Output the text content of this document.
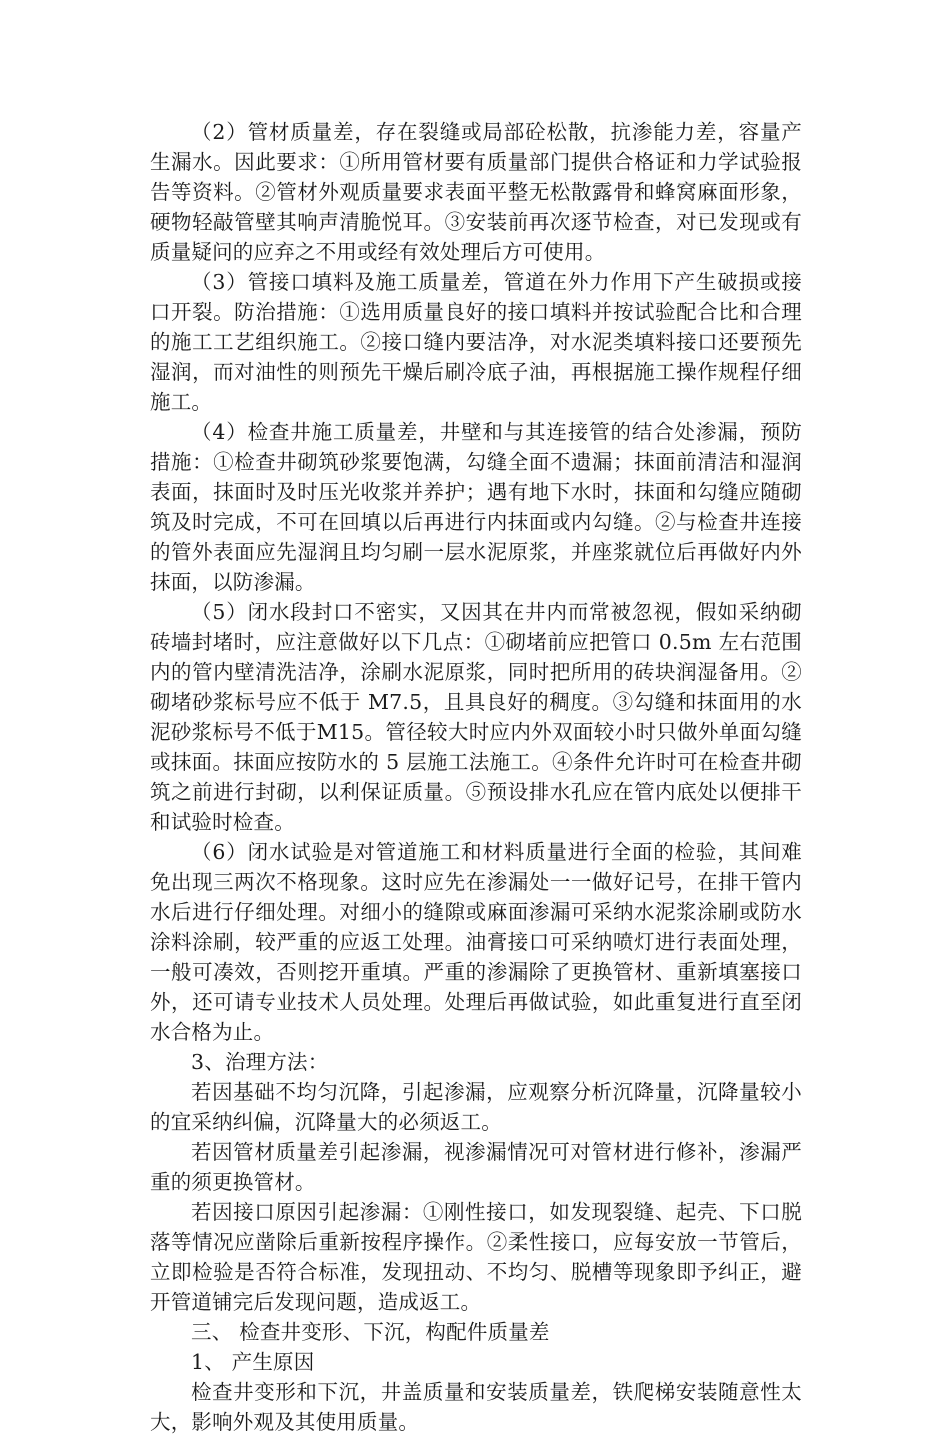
（2）管材质量差，存在裂缝或局部砼松散，抗渗能力差，容量产生漏水。因此要求：①所用管材要有质量部门提供合格证和力学试验报告等资料。②管材外观质量要求表面平整无松散露骨和蜂窝麻面形象，硬物轻敲管壁其响声清脆悦耳。③安装前再次逐节检查，对已发现或有质量疑问的应弃之不用或经有效处理后方可使用。

（3）管接口填料及施工质量差，管道在外力作用下产生破损或接口开裂。防治措施：①选用质量良好的接口填料并按试验配合比和合理的施工工艺组织施工。②接口缝内要洁净，对水泥类填料接口还要预先湿润，而对油性的则预先干燥后刷冷底子油，再根据施工操作规程仔细施工。

（4）检查井施工质量差，井壁和与其连接管的结合处渗漏，预防措施：①检查井砌筑砂浆要饱满，勾缝全面不遗漏；抹面前清洁和湿润表面，抹面时及时压光收浆并养护；遇有地下水时，抹面和勾缝应随砌筑及时完成，不可在回填以后再进行内抹面或内勾缝。②与检查井连接的管外表面应先湿润且均匀刷一层水泥原浆，并座浆就位后再做好内外抹面，以防渗漏。

（5）闭水段封口不密实，又因其在井内而常被忽视，假如采纳砌砖墙封堵时，应注意做好以下几点：①砌堵前应把管口 0.5m 左右范围内的管内壁清洗洁净，涂刷水泥原浆，同时把所用的砖块润湿备用。②砌堵砂浆标号应不低于 M7.5，且具良好的稠度。③勾缝和抹面用的水泥砂浆标号不低于M15。管径较大时应内外双面较小时只做外单面勾缝或抹面。抹面应按防水的 5 层施工法施工。④条件允许时可在检查井砌筑之前进行封砌，以利保证质量。⑤预设排水孔应在管内底处以便排干和试验时检查。

（6）闭水试验是对管道施工和材料质量进行全面的检验，其间难免出现三两次不格现象。这时应先在渗漏处一一做好记号，在排干管内水后进行仔细处理。对细小的缝隙或麻面渗漏可采纳水泥浆涂刷或防水涂料涂刷，较严重的应返工处理。油膏接口可采纳喷灯进行表面处理，一般可凑效，否则挖开重填。严重的渗漏除了更换管材、重新填塞接口外，还可请专业技术人员处理。处理后再做试验，如此重复进行直至闭水合格为止。

3、治理方法：

若因基础不均匀沉降，引起渗漏，应观察分析沉降量，沉降量较小的宜采纳纠偏，沉降量大的必须返工。

若因管材质量差引起渗漏，视渗漏情况可对管材进行修补，渗漏严重的须更换管材。

若因接口原因引起渗漏：①刚性接口，如发现裂缝、起壳、下口脱落等情况应凿除后重新按程序操作。②柔性接口，应每安放一节管后，立即检验是否符合标准，发现扭动、不均匀、脱槽等现象即予纠正，避开管道铺完后发现问题，造成返工。

三、 检查井变形、下沉，构配件质量差

1、 产生原因

检查井变形和下沉，井盖质量和安装质量差，铁爬梯安装随意性太大，影响外观及其使用质量。
